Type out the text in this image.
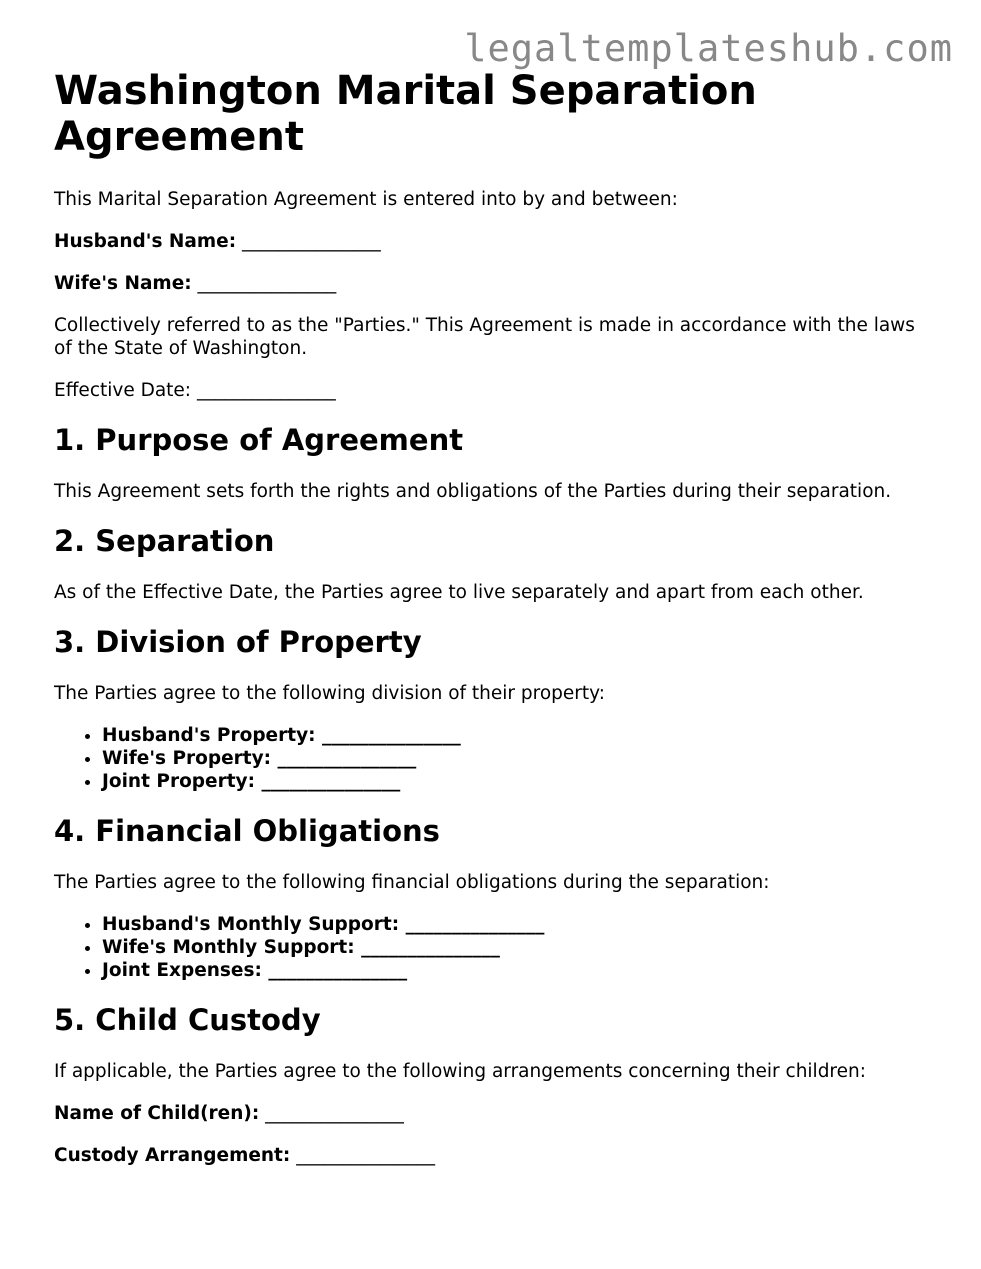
legaltemplateshub.com
Washington Marital Separation Agreement

This Marital Separation Agreement is entered into by and between:

Husband's Name: _______________

Wife's Name: _______________

Collectively referred to as the "Parties." This Agreement is made in accordance with the laws of the State of Washington.

Effective Date: _______________

1. Purpose of Agreement

This Agreement sets forth the rights and obligations of the Parties during their separation.

2. Separation

As of the Effective Date, the Parties agree to live separately and apart from each other.

3. Division of Property

The Parties agree to the following division of their property:

• Husband's Property: _______________
• Wife's Property: _______________
• Joint Property: _______________
4. Financial Obligations

The Parties agree to the following financial obligations during the separation:

• Husband's Monthly Support: _______________
• Wife's Monthly Support: _______________
• Joint Expenses: _______________
5. Child Custody

If applicable, the Parties agree to the following arrangements concerning their children:

Name of Child(ren): _______________

Custody Arrangement: _______________
